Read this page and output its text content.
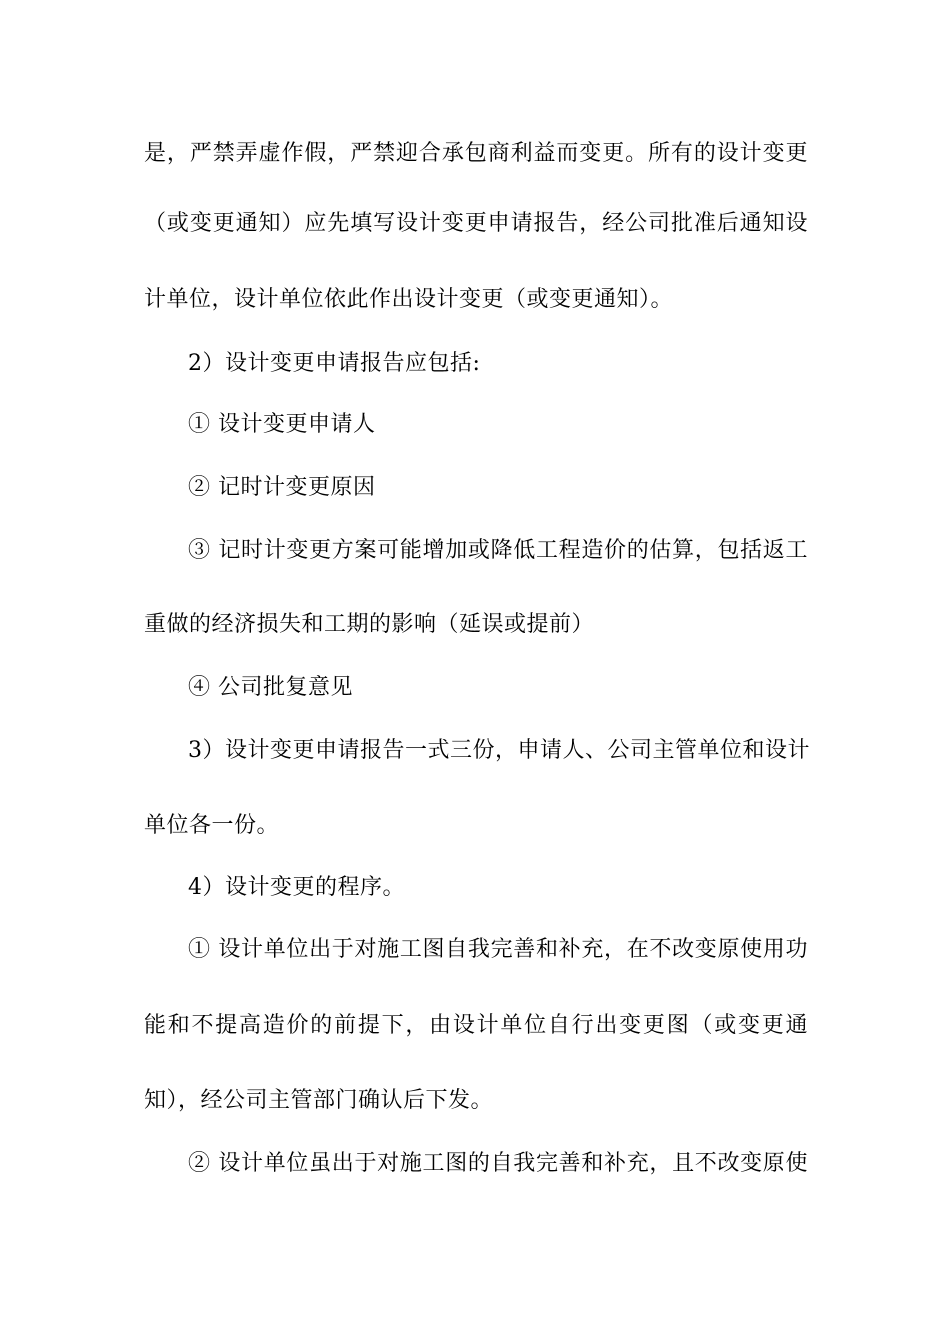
是，严禁弄虚作假，严禁迎合承包商利益而变更。所有的设计变更
（或变更通知）应先填写设计变更申请报告，经公司批准后通知设
计单位，设计单位依此作出设计变更（或变更通知）。
2）设计变更申请报告应包括:
① 设计变更申请人
② 记时计变更原因
③ 记时计变更方案可能增加或降低工程造价的估算，包括返工
重做的经济损失和工期的影响（延误或提前）
④ 公司批复意见
3）设计变更申请报告一式三份，申请人、公司主管单位和设计
单位各一份。
4）设计变更的程序。
① 设计单位出于对施工图自我完善和补充，在不改变原使用功
能和不提高造价的前提下，由设计单位自行出变更图（或变更通
知），经公司主管部门确认后下发。
② 设计单位虽出于对施工图的自我完善和补充，且不改变原使
